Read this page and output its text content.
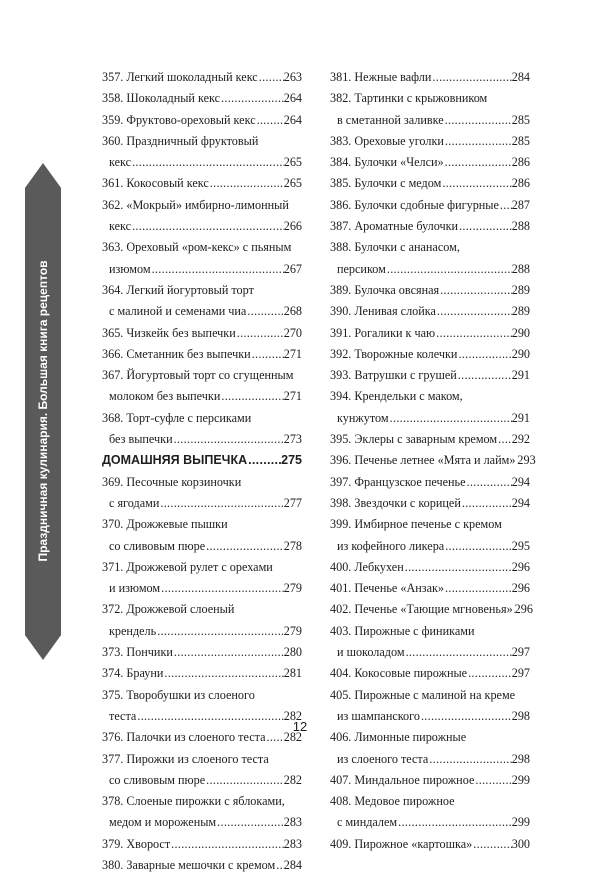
Праздничная кулинария. Большая книга рецептов
357. Легкий шоколадный кекс ..... 263
358. Шоколадный кекс .....	264
359. Фруктово-ореховый кекс ..... 264
360. Праздничный фруктовый
кекс .....	265
361. Кокосовый кекс .....	265
362. «Мокрый» имбирно-лимонный
кекс .....	266
363. Ореховый «ром-кекс» с пьяным
изюмом .....	267
364. Легкий йогуртовый торт
с малиной и семенами чиа .....	268
365. Чизкейк без выпечки .....	270
366. Сметанник без выпечки .....	271
367. Йогуртовый торт со сгущенным
молоком без выпечки .....	271
368. Торт-суфле с персиками
без выпечки .....	273
ДОМАШНЯЯ ВЫПЕЧКА .....	275
369. Песочные корзиночки
с ягодами .....	277
370. Дрожжевые пышки
со сливовым пюре .....	278
371. Дрожжевой рулет с орехами
и изюмом .....	279
372. Дрожжевой слоеный
крендель .....	279
373. Пончики .....	280
374. Брауни .....	281
375. Творобушки из слоеного
теста .....	282
376. Палочки из слоеного теста ..... 282
377. Пирожки из слоеного теста
со сливовым пюре .....	282
378. Слоеные пирожки с яблоками,
медом и мороженым .....	283
379. Хворост .....	283
380. Заварные мешочки с кремом ..... 284
381. Нежные вафли .....	284
382. Тартинки с крыжовником
в сметанной заливке .....	285
383. Ореховые уголки .....	285
384. Булочки «Челси» .....	286
385. Булочки с медом .....	286
386. Булочки сдобные фигурные ..... 287
387. Ароматные булочки .....	288
388. Булочки с ананасом,
персиком .....	288
389. Булочка овсяная .....	289
390. Ленивая слойка .....	289
391. Рогалики к чаю .....	290
392. Творожные колечки .....	290
393. Ватрушки с грушей .....	291
394. Крендельки с маком,
кунжутом .....	291
395. Эклеры с заварным кремом ..... 292
396. Печенье летнее «Мята и лайм» ..... 293
397. Французское печенье .....	294
398. Звездочки с корицей .....	294
399. Имбирное печенье с кремом
из кофейного ликера .....	295
400. Лебкухен .....	296
401. Печенье «Анзак» .....	296
402. Печенье «Тающие мгновенья» ..... 296
403. Пирожные с финиками
и шоколадом .....	297
404. Кокосовые пирожные .....	297
405. Пирожные с малиной на креме
из шампанского .....	298
406. Лимонные пирожные
из слоеного теста .....	298
407. Миндальное пирожное .....	299
408. Медовое пирожное
с миндалем .....	299
409. Пирожное «картошка» .....	300
12
